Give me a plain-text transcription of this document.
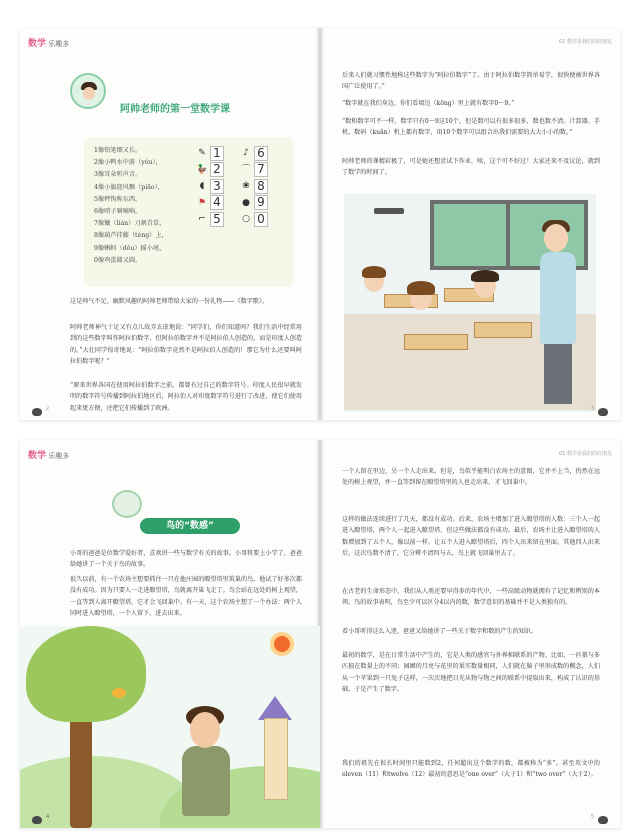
数学 乐趣多
阿帅老师的第一堂数学课
1像铅笔细又长，
2像小鸭水中游（yóu），
3像耳朵听声音，
4像小旗迎风飘（piāo），
5像秤钩称东西，
6像哨子嘀嘀响，
7像镰（lián）刀割青草，
8像葫芦挂藤（téng）上，
9像蝌蚪（dǒu）摇小尾，
0像鸡蛋圆又圆。
✎ 1	♪ 6
🦆 2	⌒ 7
◖ 3	❀ 8
⚑ 4	● 9
⌐ 5	○ 0
这是帅气不足、幽默风趣的阿帅老师带给大家的一份礼物——《数字歌》。
阿帅老师神气十足又有点儿故弄玄虚地说：“同学们，你们知道吗？我们生活中经常用到的这些数字叫作阿拉伯数字，但阿拉伯数字并不是阿拉伯人创造的，而是印度人创造的。”大壮同学惊奇地说：“阿拉伯数字竟然不是阿拉伯人创造的！那它为什么还要叫阿拉伯数字呢？”
“原来世界各国在使用阿拉伯数字之前，都曾有过自己的数字符号。印度人民很早就发明的数字符号传播到阿拉伯地区后，阿拉伯人对印度数字符号进行了改进，使它们使用起来更方便，还把它们传播到了欧洲。
2
01 数学是我们的好朋友
后来人们就习惯性地称这些数字为“阿拉伯数字”了。由于阿拉伯数字简单易学，很快便被世界各国广泛使用了。”
“数字就在我们身边，你们看墙边（kōng）里上就有数字0～9。”
“数和数字可不一样，数字只有0～9这10个，但是数可以有很多很多，数也数不清。计算器、手机、数码（kuǎn）机上都有数字，用10个数字可以组合出我们需要的大大小小的数。”
阿帅老师的课精彩极了，可是她还想尝试下作业，唉，这个可不好过！大家还来不及议论，就到了数学的时间了。
3
数学 乐趣多
鸟的“数感”
小哥的爸爸是位数学爱好者，喜欢讲一些与数学有关的故事。小哥将要上小学了，爸爸给她讲了一个关于鸟的故事。
很久以前，有一个农场主想要抓住一只在他庄园的瞭望塔里筑巢的鸟，他试了好多次都没有成功。因为只要人一走进瞭望塔，鸟就离开巢飞走了。鸟会站在远处的树上观望，一直等到人离开瞭望塔，它才会飞回巢中。有一天，这个农场主想了一个办法：两个人同时进入瞭望塔，一个人留下，进去出来。
4
01 数学是我们的好朋友
一个人留在里边，另一个人走出来。但是，鸟似乎能明白农场主的意图，它并不上当，仍然在远处的树上观望，并一直等到留在瞭望塔里的人也走出来，才飞回巢中。
这样的做法连续进行了几天，都没有成功。后来，农场主增加了进入瞭望塔的人数：三个人一起进入瞭望塔，两个人一起进入瞭望塔，但这些做法都没有成功。最后，农场主让进入瞭望塔的人数增加到了五个人，像以前一样，让五个人进入瞭望塔后，四个人出来留在里面。其他四人出来后，这次鸟数不清了，它分辨不清四与五，鸟上就飞回巢里去了。
在古老的生命形态中，我们从人类还要早得多的年代中，一些高级动物就拥有了记忆和辨别的本领。鸟的故事表明，鸟至少可以区分4以内的数，数学意识的基础并不是人类独有的。
看小哥听得这么入迷，爸爸又给她讲了一些关于数字和数的产生的知识。
最初的数学，是在日常生活中产生的，它是人类的感官与外界相联系的产物。比如，一匹狼与多匹狼在数量上的不同；园圃的月亮与花里的果实数量相同，人们就在脑子里形成数的概念，人们从一个苹果到一只兔子这样，一次次地把目光从物与物之间的联系中提取出来，构成了认识的基础，于是产生了数字。
我们的祖先在很长时间里只能数到2，任何超出这个数字的数，都被称为“多”。甚至英文中的eleven（11）和twelve（12）最初的意思是“one over”（大于1）和“two over”（大于2）。
5
